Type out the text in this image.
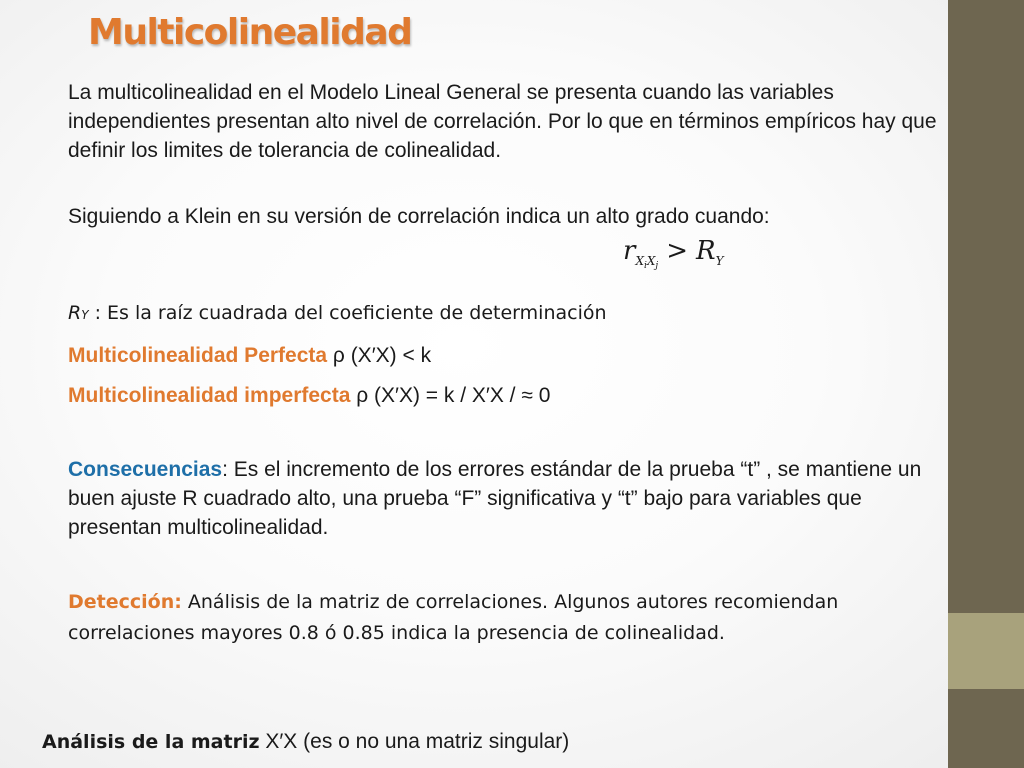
Multicolinealidad

La multicolinealidad en el Modelo Lineal General se presenta cuando las variables independientes presentan alto nivel de correlación. Por lo que en términos empíricos hay que definir los limites de tolerancia de colinealidad.

Siguiendo a Klein en su versión de correlación indica un alto grado cuando:

$r_{X_iX_j} > R_Y$
RY : Es la raíz cuadrada del coeficiente de determinación
Multicolinealidad Perfecta ρ (X′X) < k
Multicolinealidad imperfecta ρ (X′X) = k / X′X / ≈ 0

Consecuencias: Es el incremento de los errores estándar de la prueba “t” , se mantiene un buen ajuste R cuadrado alto, una prueba “F” significativa y “t” bajo para variables que presentan multicolinealidad.

Detección: Análisis de la matriz de correlaciones. Algunos autores recomiendan correlaciones mayores 0.8 ó 0.85 indica la presencia de colinealidad.

Análisis de la matriz X′X (es o no una matriz singular)
